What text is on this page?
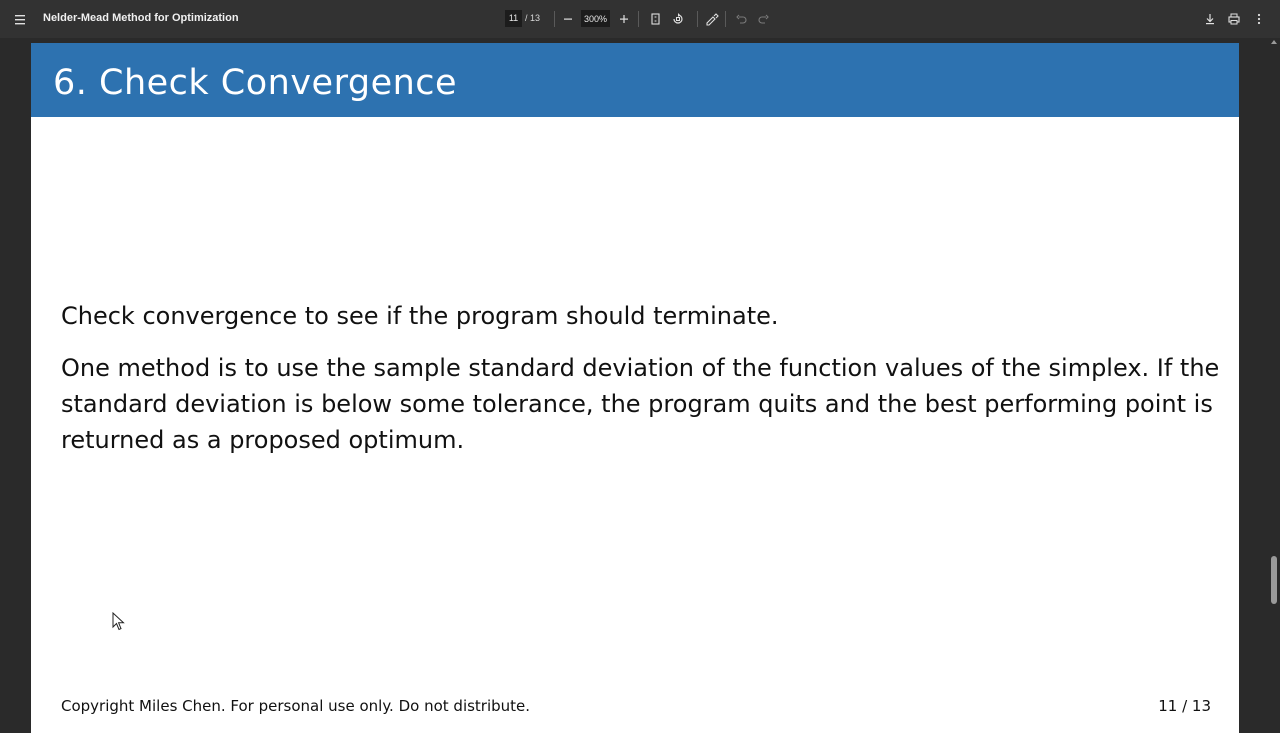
Nelder-Mead Method for Optimization
11	/ 13
300%
6. Check Convergence

Check convergence to see if the program should terminate.

One method is to use the sample standard deviation of the function values of the simplex. If the standard deviation is below some tolerance, the program quits and the best performing point is returned as a proposed optimum.

Copyright Miles Chen. For personal use only. Do not distribute.	11 / 13
